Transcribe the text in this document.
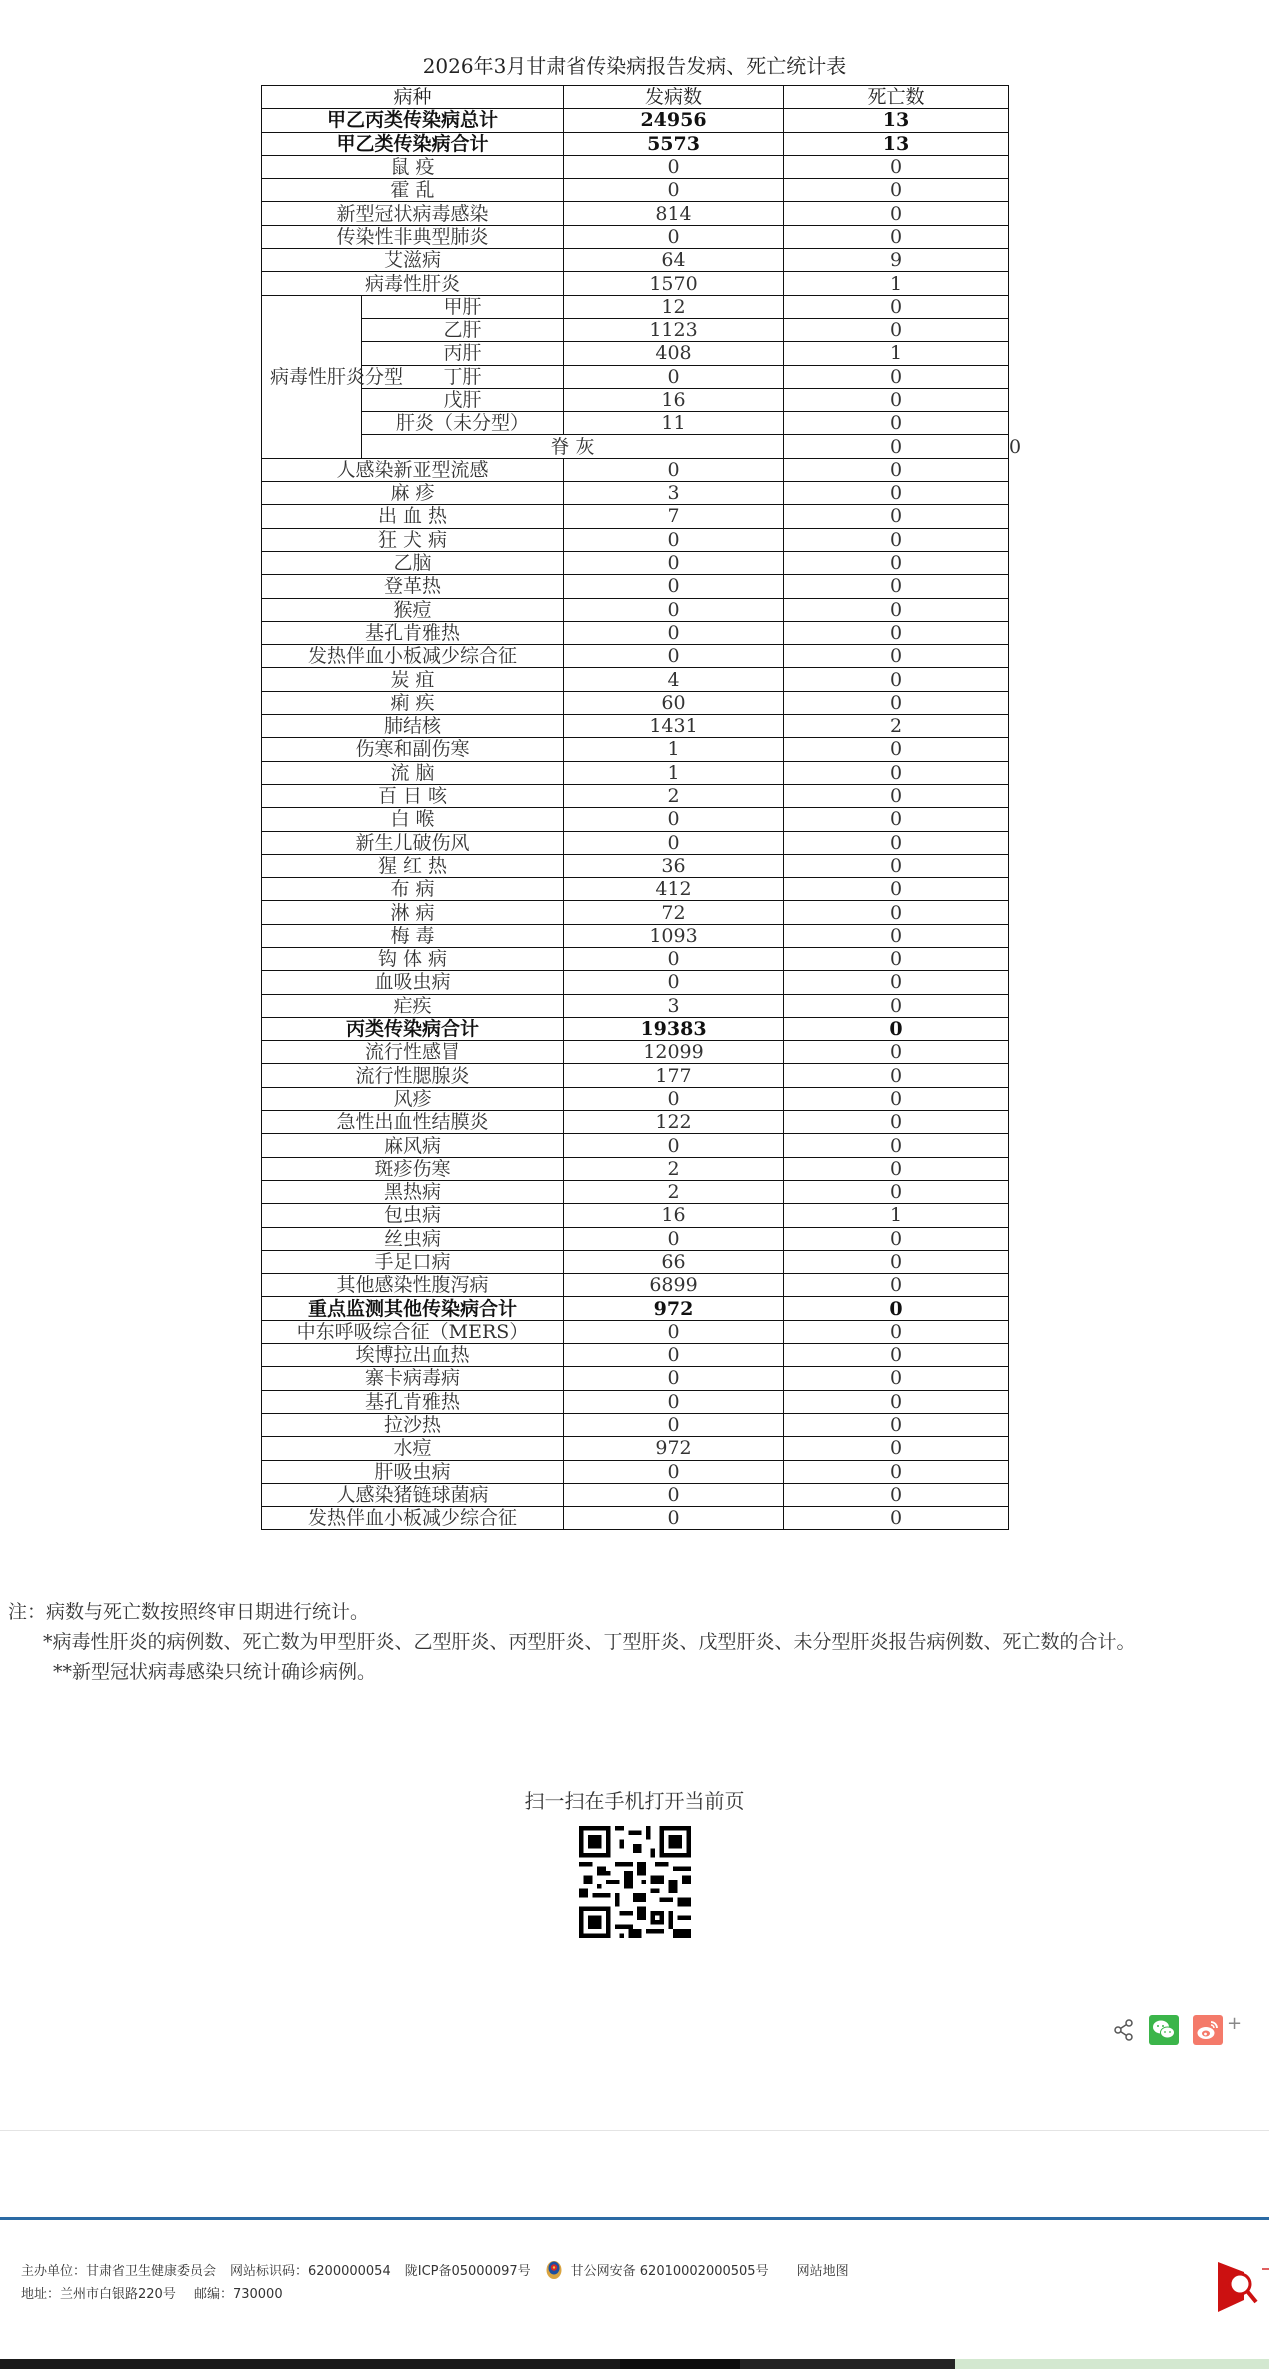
2026年3月甘肃省传染病报告发病、死亡统计表
病种		发病数	死亡数	
甲乙丙类传染病总计		24956	13	
甲乙类传染病合计		5573	13	
鼠 疫		0	0	
霍 乱		0	0	
新型冠状病毒感染		814	0	
传染性非典型肺炎		0	0	
艾滋病		64	9	
病毒性肝炎		1570	1	
病毒性肝炎分型	甲肝	12	0	
	乙肝	1123	0	
	丙肝	408	1	
	丁肝	0	0	
	戊肝	16	0	
	肝炎（未分型）	11	0	
	脊 灰		0	0
人感染新亚型流感		0	0	
麻 疹		3	0	
出 血 热		7	0	
狂 犬 病		0	0	
乙脑		0	0	
登革热		0	0	
猴痘		0	0	
基孔肯雅热		0	0	
发热伴血小板减少综合征		0	0	
炭 疽		4	0	
痢 疾		60	0	
肺结核		1431	2	
伤寒和副伤寒		1	0	
流 脑		1	0	
百 日 咳		2	0	
白 喉		0	0	
新生儿破伤风		0	0	
猩 红 热		36	0	
布 病		412	0	
淋 病		72	0	
梅 毒		1093	0	
钩 体 病		0	0	
血吸虫病		0	0	
疟疾		3	0	
丙类传染病合计		19383	0	
流行性感冒		12099	0	
流行性腮腺炎		177	0	
风疹		0	0	
急性出血性结膜炎		122	0	
麻风病		0	0	
斑疹伤寒		2	0	
黑热病		2	0	
包虫病		16	1	
丝虫病		0	0	
手足口病		66	0	
其他感染性腹泻病		6899	0	
重点监测其他传染病合计		972	0	
中东呼吸综合征（MERS）		0	0	
埃博拉出血热		0	0	
寨卡病毒病		0	0	
基孔肯雅热		0	0	
拉沙热		0	0	
水痘		972	0	
肝吸虫病		0	0	
人感染猪链球菌病		0	0	
发热伴血小板减少综合征		0	0	

注：病数与死亡数按照终审日期进行统计。

*病毒性肝炎的病例数、死亡数为甲型肝炎、乙型肝炎、丙型肝炎、丁型肝炎、戊型肝炎、未分型肝炎报告病例数、死亡数的合计。

**新型冠状病毒感染只统计确诊病例。

扫一扫在手机打开当前页
+
主办单位：甘肃省卫生健康委员会 网站标识码：6200000054 陇ICP备05000097号	甘公网安备 62010002000505号 网站地图
地址：兰州市白银路220号 邮编：730000
